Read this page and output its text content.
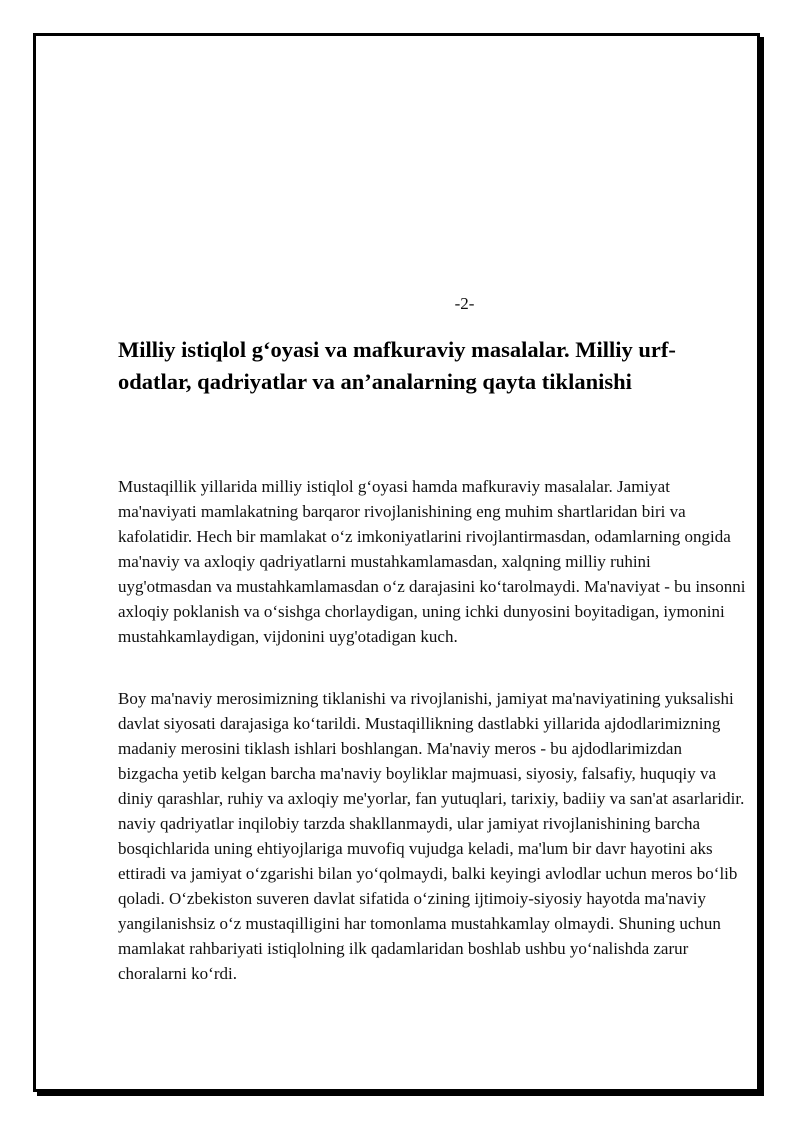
-2-
Milliy istiqlol g‘oyasi va mafkuraviy masalalar. Milliy urf-odatlar, qadriyatlar va an’analarning qayta tiklanishi

Mustaqillik yillarida milliy istiqlol g‘oyasi hamda mafkuraviy masalalar. Jamiyat ma'naviyati mamlakatning barqaror rivojlanishining eng muhim shartlaridan biri va kafolatidir. Hech bir mamlakat o‘z imkoniyatlarini rivojlantirmasdan, odamlarning ongida ma'naviy va axloqiy qadriyatlarni mustahkamlamasdan, xalqning milliy ruhini uyg'otmasdan va mustahkamlamasdan o‘z darajasini ko‘tarolmaydi. Ma'naviyat - bu insonni axloqiy poklanish va o‘sishga chorlaydigan, uning ichki dunyosini boyitadigan, iymonini mustahkamlaydigan, vijdonini uyg'otadigan kuch.

Boy ma'naviy merosimizning tiklanishi va rivojlanishi, jamiyat ma'naviyatining yuksalishi davlat siyosati darajasiga ko‘tarildi. Mustaqillikning dastlabki yillarida ajdodlarimizning madaniy merosini tiklash ishlari boshlangan. Ma'naviy meros - bu ajdodlarimizdan bizgacha yetib kelgan barcha ma'naviy boyliklar majmuasi, siyosiy, falsafiy, huquqiy va diniy qarashlar, ruhiy va axloqiy me'yorlar, fan yutuqlari, tarixiy, badiiy va san'at asarlaridir. naviy qadriyatlar inqilobiy tarzda shakllanmaydi, ular jamiyat rivojlanishining barcha bosqichlarida uning ehtiyojlariga muvofiq vujudga keladi, ma'lum bir davr hayotini aks ettiradi va jamiyat o‘zgarishi bilan yo‘qolmaydi, balki keyingi avlodlar uchun meros bo‘lib qoladi. O‘zbekiston suveren davlat sifatida o‘zining ijtimoiy-siyosiy hayotda ma'naviy yangilanishsiz o‘z mustaqilligini har tomonlama mustahkamlay olmaydi. Shuning uchun mamlakat rahbariyati istiqlolning ilk qadamlaridan boshlab ushbu yo‘nalishda zarur choralarni ko‘rdi.
